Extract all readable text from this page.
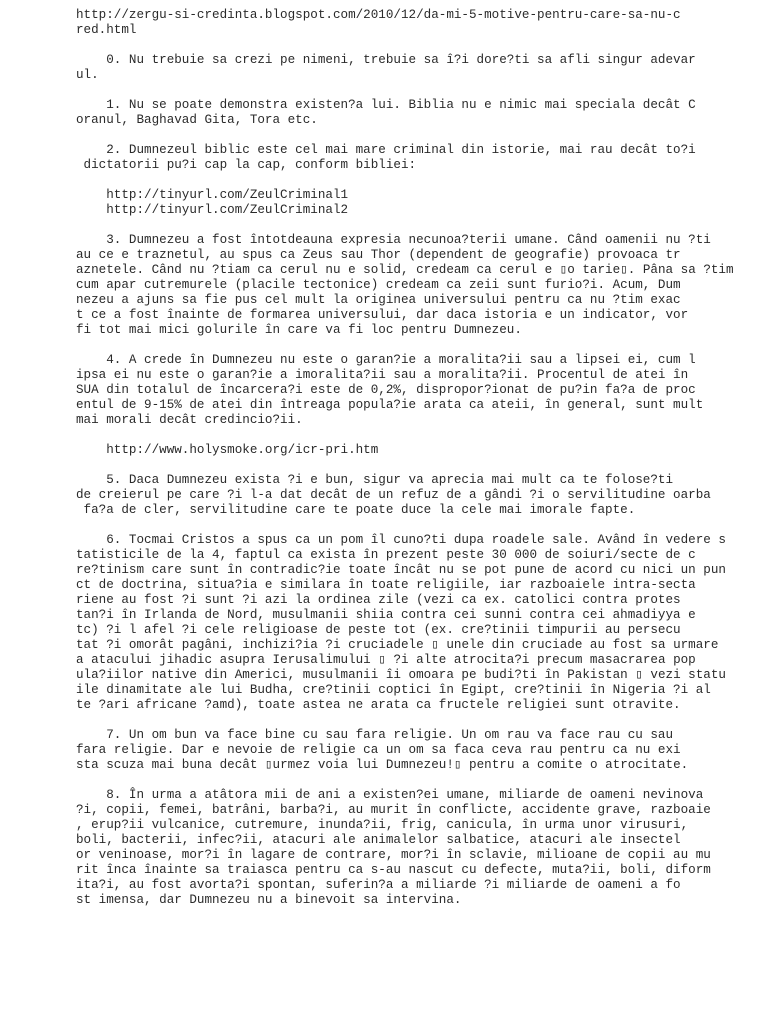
http://zergu-si-credinta.blogspot.com/2010/12/da-mi-5-motive-pentru-care-sa-nu-c
red.html
0. Nu trebuie sa crezi pe nimeni, trebuie sa î?i dore?ti sa afli singur adevar
ul.
1. Nu se poate demonstra existen?a lui. Biblia nu e nimic mai speciala decât C
oranul, Baghavad Gita, Tora etc.
2. Dumnezeul biblic este cel mai mare criminal din istorie, mai rau decât to?i
dictatorii pu?i cap la cap, conform bibliei:
http://tinyurl.com/ZeulCriminal1
http://tinyurl.com/ZeulCriminal2
3. Dumnezeu a fost întotdeauna expresia necunoa?terii umane. Când oamenii nu ?ti
au ce e traznetul, au spus ca Zeus sau Thor (dependent de geografie) provoaca tr
aznetele. Când nu ?tiam ca cerul nu e solid, credeam ca cerul e ▯o tarie▯. Pâna sa ?tim
cum apar cutremurele (placile tectonice) credeam ca zeii sunt furio?i. Acum, Dum
nezeu a ajuns sa fie pus cel mult la originea universului pentru ca nu ?tim exac
t ce a fost înainte de formarea universului, dar daca istoria e un indicator, vor
fi tot mai mici golurile în care va fi loc pentru Dumnezeu.
4. A crede în Dumnezeu nu este o garan?ie a moralita?ii sau a lipsei ei, cum l
ipsa ei nu este o garan?ie a imoralita?ii sau a moralita?ii. Procentul de atei în
SUA din totalul de încarcera?i este de 0,2%, dispropor?ionat de pu?in fa?a de proc
entul de 9-15% de atei din întreaga popula?ie arata ca ateii, în general, sunt mult
mai morali decât credincio?ii.
http://www.holysmoke.org/icr-pri.htm
5. Daca Dumnezeu exista ?i e bun, sigur va aprecia mai mult ca te folose?ti
de creierul pe care ?i l-a dat decât de un refuz de a gândi ?i o servilitudine oarba
fa?a de cler, servilitudine care te poate duce la cele mai imorale fapte.
6. Tocmai Cristos a spus ca un pom îl cuno?ti dupa roadele sale. Având în vedere s
tatisticile de la 4, faptul ca exista în prezent peste 30 000 de soiuri/secte de c
re?tinism care sunt în contradic?ie toate încât nu se pot pune de acord cu nici un pun
ct de doctrina, situa?ia e similara în toate religiile, iar razboaiele intra-secta
riene au fost ?i sunt ?i azi la ordinea zile (vezi ca ex. catolici contra protes
tan?i în Irlanda de Nord, musulmanii shiia contra cei sunni contra cei ahmadiyya e
tc) ?i l afel ?i cele religioase de peste tot (ex. cre?tinii timpurii au persecu
tat ?i omorât pagâni, inchizi?ia ?i cruciadele ▯ unele din cruciade au fost sa urmare
a atacului jihadic asupra Ierusalimului ▯ ?i alte atrocita?i precum masacrarea pop
ula?iilor native din Americi, musulmanii îi omoara pe budi?ti în Pakistan ▯ vezi statu
ile dinamitate ale lui Budha, cre?tinii coptici în Egipt, cre?tinii în Nigeria ?i al
te ?ari africane ?amd), toate astea ne arata ca fructele religiei sunt otravite.
7. Un om bun va face bine cu sau fara religie. Un om rau va face rau cu sau
fara religie. Dar e nevoie de religie ca un om sa faca ceva rau pentru ca nu exi
sta scuza mai buna decât ▯urmez voia lui Dumnezeu!▯ pentru a comite o atrocitate.
8. În urma a atâtora mii de ani a existen?ei umane, miliarde de oameni nevinova
?i, copii, femei, batrâni, barba?i, au murit în conflicte, accidente grave, razboaie
, erup?ii vulcanice, cutremure, inunda?ii, frig, canicula, în urma unor virusuri,
boli, bacterii, infec?ii, atacuri ale animalelor salbatice, atacuri ale insectel
or veninoase, mor?i în lagare de contrare, mor?i în sclavie, milioane de copii au mu
rit înca înainte sa traiasca pentru ca s-au nascut cu defecte, muta?ii, boli, diform
ita?i, au fost avorta?i spontan, suferin?a a miliarde ?i miliarde de oameni a fo
st imensa, dar Dumnezeu nu a binevoit sa intervina.
